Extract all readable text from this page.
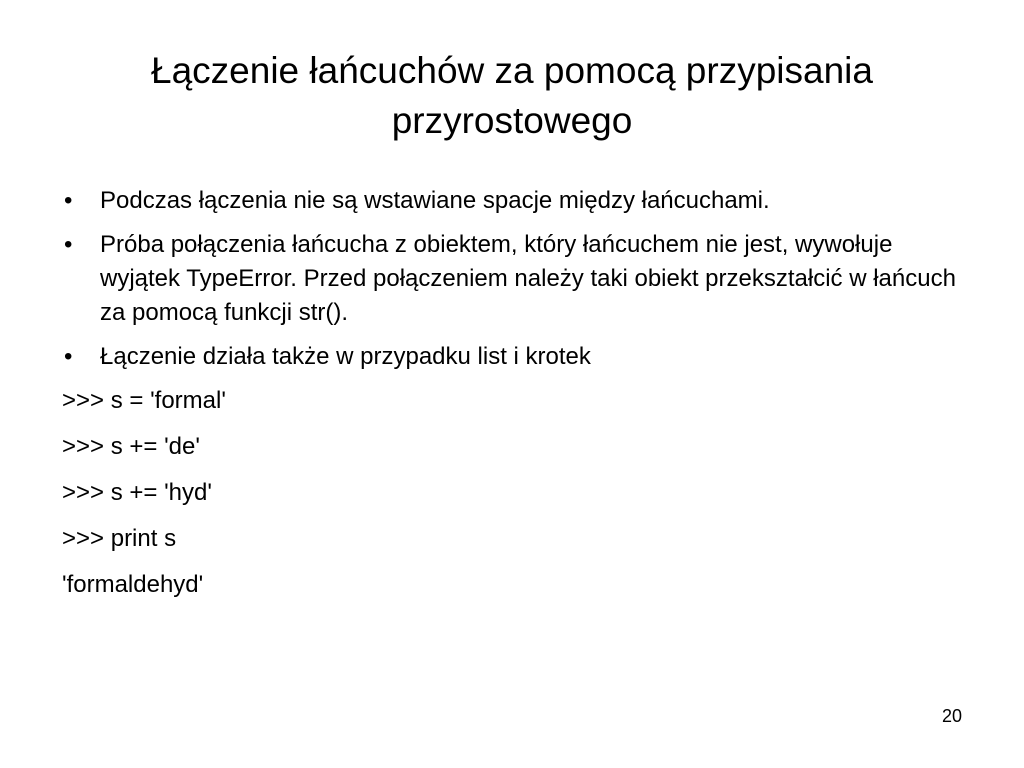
Łączenie łańcuchów za pomocą przypisania
przyrostowego
• Podczas łączenia nie są wstawiane spacje między łańcuchami.
• Próba połączenia łańcucha z obiektem, który łańcuchem nie jest, wywołuje wyjątek TypeError. Przed połączeniem należy taki obiekt przekształcić w łańcuch za pomocą funkcji str().
• Łączenie działa także w przypadku list i krotek

>>> s = 'formal'

>>> s += 'de'

>>> s += 'hyd'

>>> print s

'formaldehyd'

20
